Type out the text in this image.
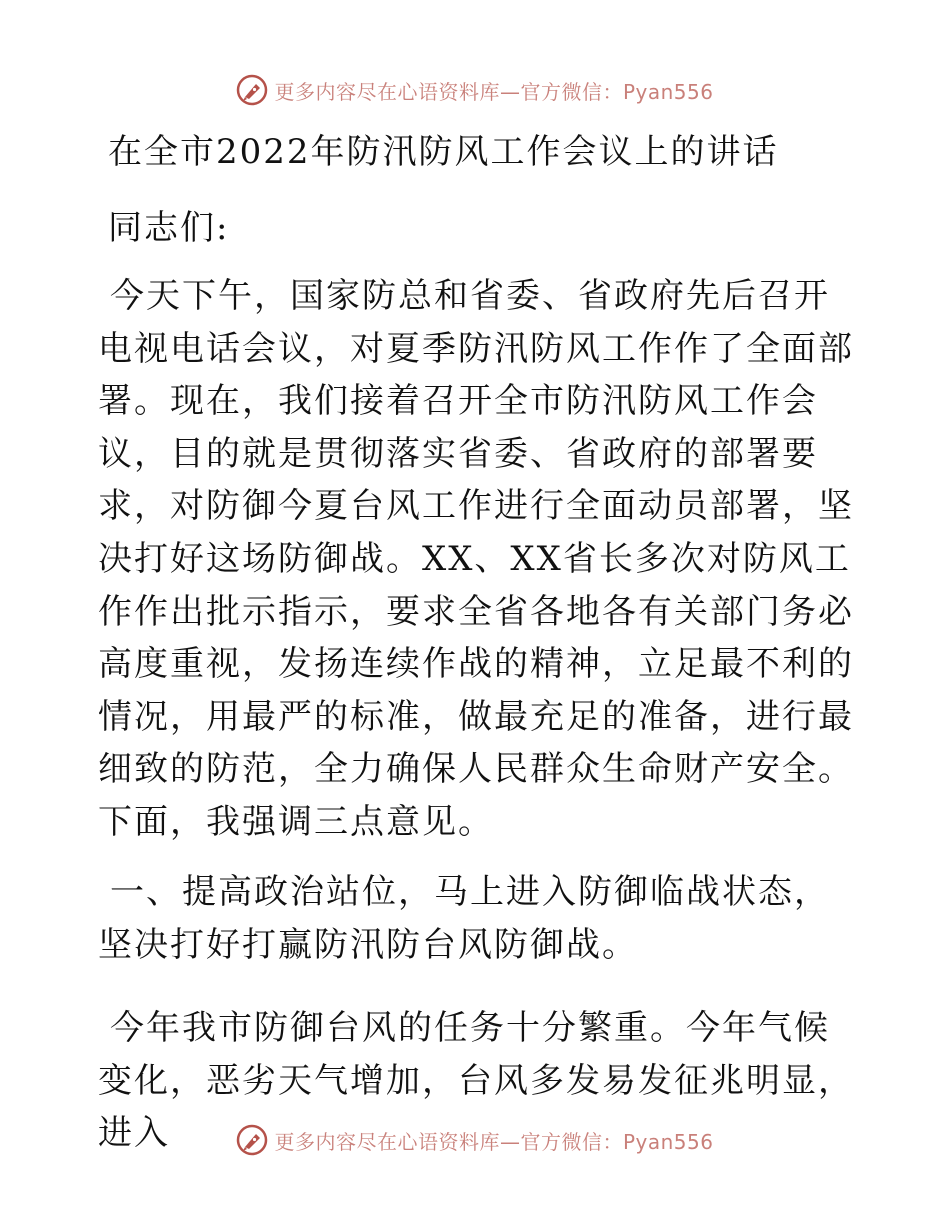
更多内容尽在心语资料库—官方微信：Pyan556
在全市2022年防汛防风工作会议上的讲话
同志们:

今天下午，国家防总和省委、省政府先后召开电视电话会议，对夏季防汛防风工作作了全面部署。现在，我们接着召开全市防汛防风工作会议，目的就是贯彻落实省委、省政府的部署要求，对防御今夏台风工作进行全面动员部署，坚决打好这场防御战。XX、XX省长多次对防风工作作出批示指示，要求全省各地各有关部门务必高度重视，发扬连续作战的精神，立足最不利的情况，用最严的标准，做最充足的准备，进行最细致的防范，全力确保人民群众生命财产安全。下面，我强调三点意见。

一、提高政治站位，马上进入防御临战状态，坚决打好打赢防汛防台风防御战。

今年我市防御台风的任务十分繁重。今年气候变化，恶劣天气增加，台风多发易发征兆明显，进入	更多内容尽在心语资料库—官方微信：Pyan556
